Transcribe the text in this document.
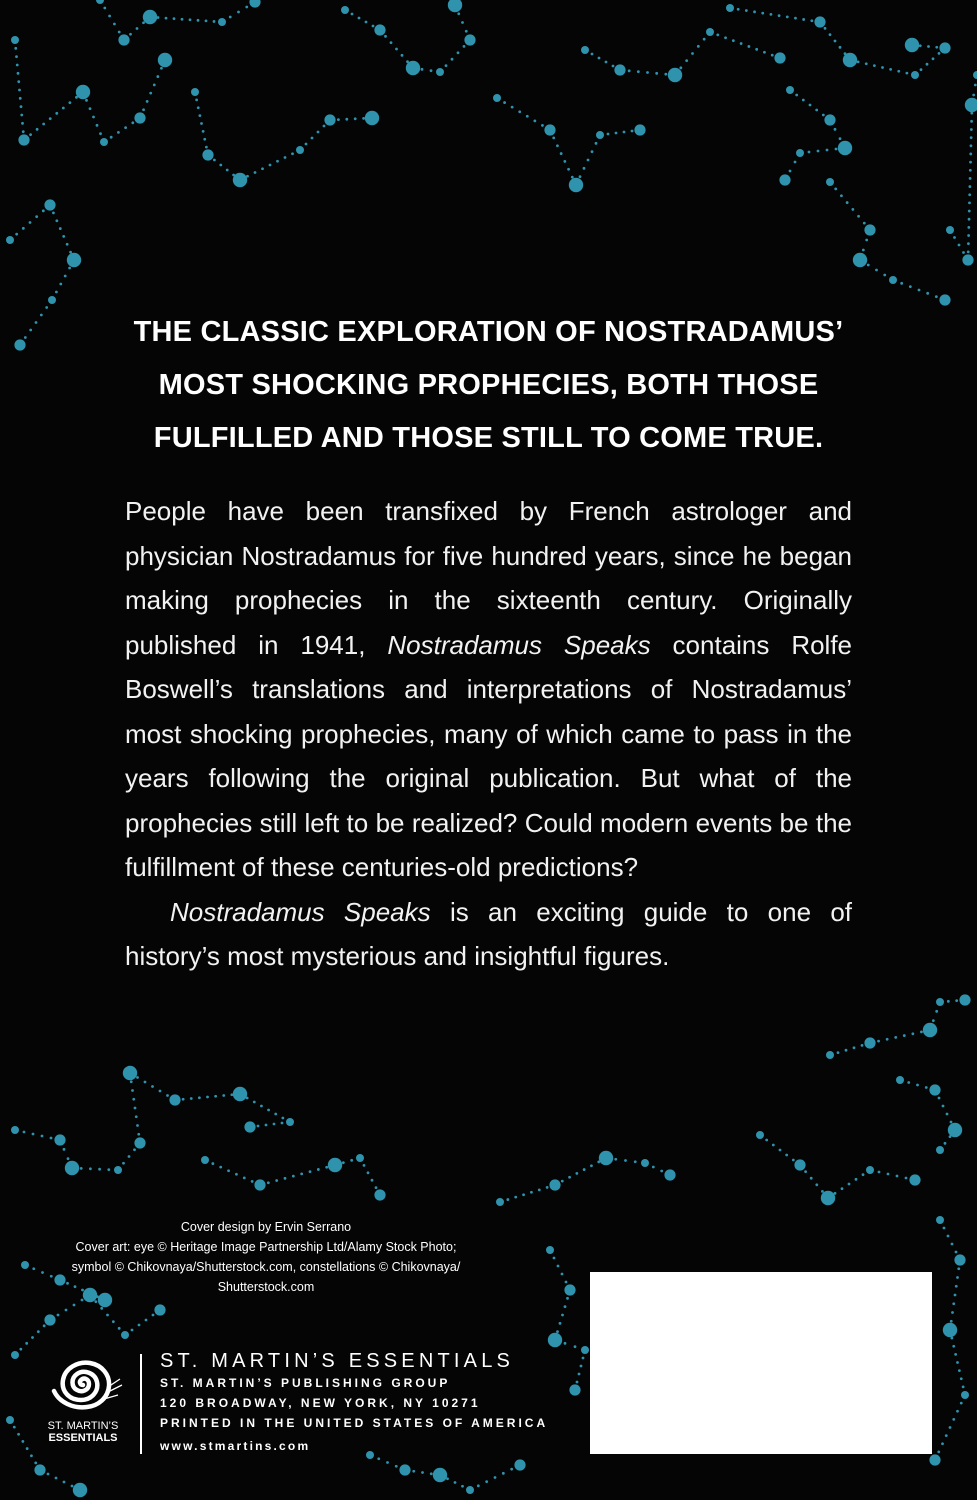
THE CLASSIC EXPLORATION OF NOSTRADAMUS’
MOST SHOCKING PROPHECIES, BOTH THOSE
FULFILLED AND THOSE STILL TO COME TRUE.

People have been transfixed by French astrologer and physician Nostradamus for five hundred years, since he began making prophecies in the sixteenth century. Originally published in 1941, Nostradamus Speaks contains Rolfe Boswell’s translations and interpretations of Nostradamus’ most shocking prophecies, many of which came to pass in the years following the original publication. But what of the prophecies still left to be realized? Could modern events be the fulfillment of these centuries-old predictions?

Nostradamus Speaks is an exciting guide to one of history’s most mysterious and insightful figures.

Cover design by Ervin Serrano
Cover art: eye © Heritage Image Partnership Ltd/Alamy Stock Photo;
symbol © Chikovnaya/Shutterstock.com, constellations © Chikovnaya/
Shutterstock.com
ST. MARTIN’S
ESSENTIALS
ST. MARTIN’S ESSENTIALS
ST. MARTIN’S PUBLISHING GROUP
120 BROADWAY, NEW YORK, NY 10271
PRINTED IN THE UNITED STATES OF AMERICA
www.stmartins.com
